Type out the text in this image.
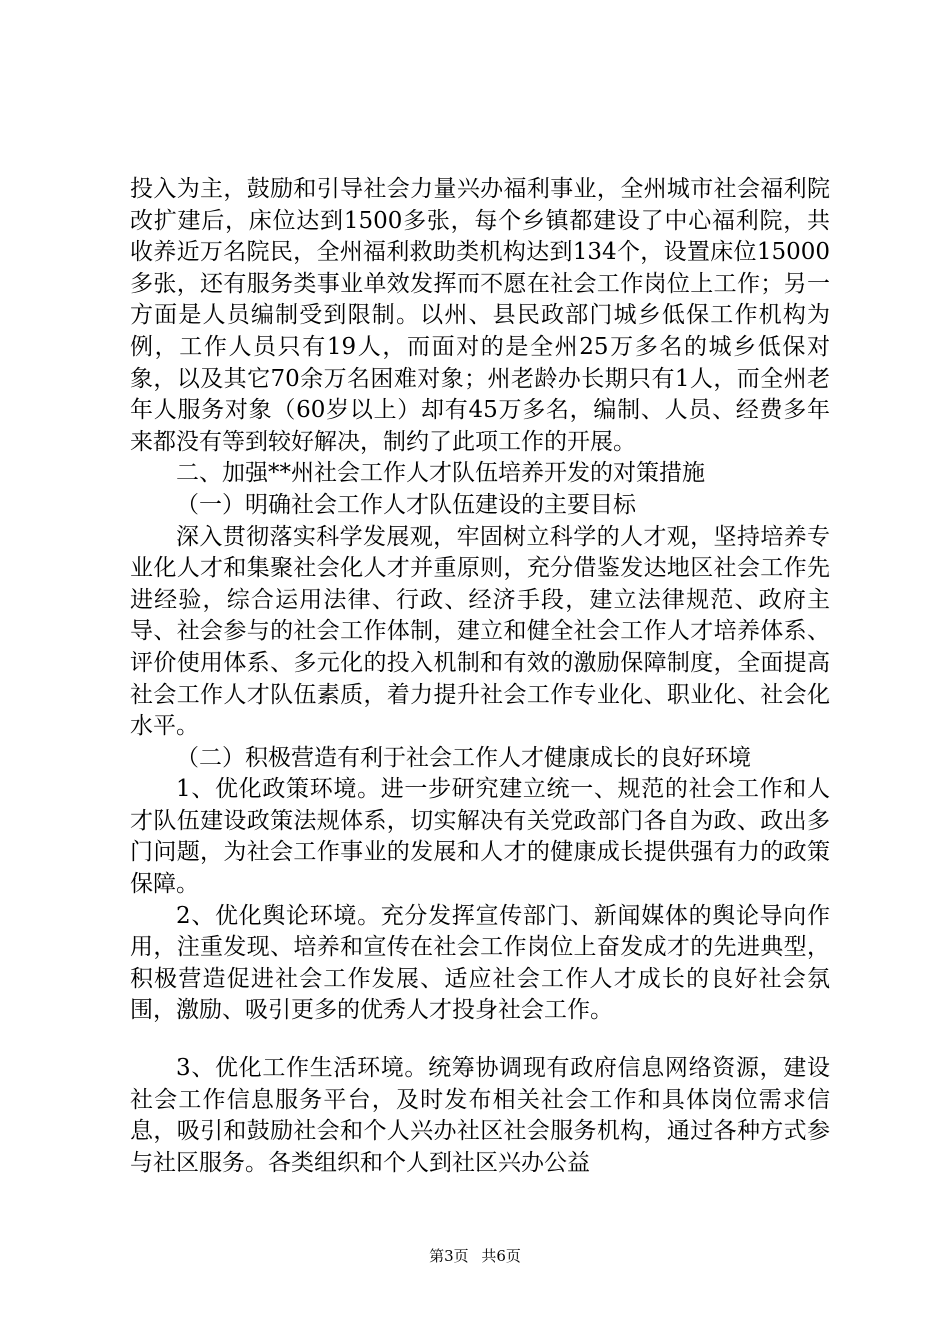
投入为主，鼓励和引导社会力量兴办福利事业，全州城市社会福利院改扩建后，床位达到1500多张，每个乡镇都建设了中心福利院，共收养近万名院民，全州福利救助类机构达到134个，设置床位15000多张，还有服务类事业单效发挥而不愿在社会工作岗位上工作；另一方面是人员编制受到限制。以州、县民政部门城乡低保工作机构为例，工作人员只有19人，而面对的是全州25万多名的城乡低保对象，以及其它70余万名困难对象；州老龄办长期只有1人，而全州老年人服务对象（60岁以上）却有45万多名，编制、人员、经费多年来都没有等到较好解决，制约了此项工作的开展。

二、加强**州社会工作人才队伍培养开发的对策措施

（一）明确社会工作人才队伍建设的主要目标

深入贯彻落实科学发展观，牢固树立科学的人才观，坚持培养专业化人才和集聚社会化人才并重原则，充分借鉴发达地区社会工作先进经验，综合运用法律、行政、经济手段，建立法律规范、政府主导、社会参与的社会工作体制，建立和健全社会工作人才培养体系、评价使用体系、多元化的投入机制和有效的激励保障制度，全面提高社会工作人才队伍素质，着力提升社会工作专业化、职业化、社会化水平。

（二）积极营造有利于社会工作人才健康成长的良好环境

1、优化政策环境。进一步研究建立统一、规范的社会工作和人才队伍建设政策法规体系，切实解决有关党政部门各自为政、政出多门问题，为社会工作事业的发展和人才的健康成长提供强有力的政策保障。

2、优化舆论环境。充分发挥宣传部门、新闻媒体的舆论导向作用，注重发现、培养和宣传在社会工作岗位上奋发成才的先进典型，积极营造促进社会工作发展、适应社会工作人才成长的良好社会氛围，激励、吸引更多的优秀人才投身社会工作。

3、优化工作生活环境。统筹协调现有政府信息网络资源，建设社会工作信息服务平台，及时发布相关社会工作和具体岗位需求信息，吸引和鼓励社会和个人兴办社区社会服务机构，通过各种方式参与社区服务。各类组织和个人到社区兴办公益

第3页 共6页
